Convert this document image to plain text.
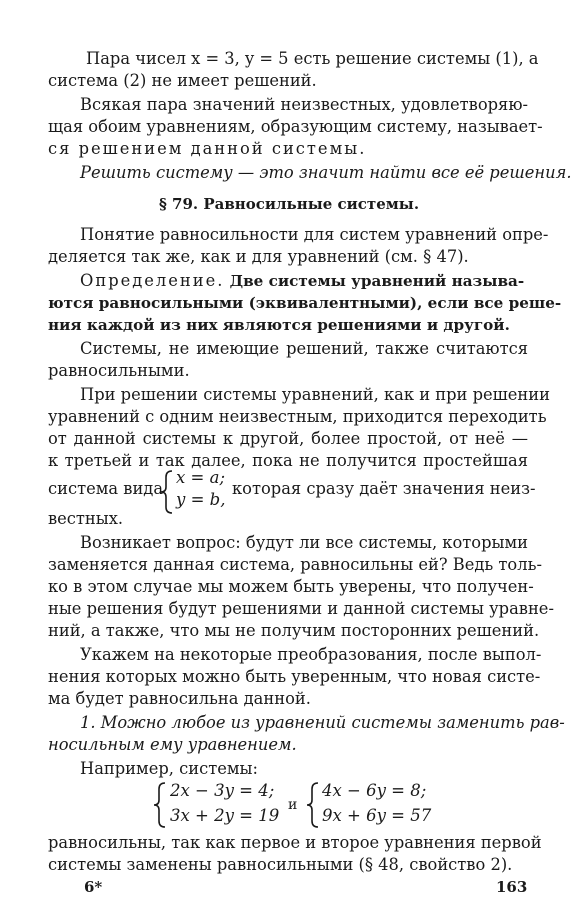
Пара чисел x = 3, y = 5 есть решение системы (1), а
система (2) не имеет решений.
Всякая пара значений неизвестных, удовлетворяю-
щая обоим уравнениям, образующим систему, называет-
ся решением данной системы.
Решить систему — это значит найти все её решения.
§ 79. Равносильные системы.
Понятие равносильности для систем уравнений опре-
деляется так же, как и для уравнений (см. § 47).
Определение. Две системы уравнений называ-
ются равносильными (эквивалентными), если все реше-
ния каждой из них являются решениями и другой.
Системы, не имеющие решений, также считаются
равносильными.
При решении системы уравнений, как и при решении
уравнений с одним неизвестным, приходится переходить
от данной системы к другой, более простой, от неё —
к третьей и так далее, пока не получится простейшая
система вида
x = a;
y = b,
которая сразу даёт значения неиз-
вестных.
Возникает вопрос: будут ли все системы, которыми
заменяется данная система, равносильны ей? Ведь толь-
ко в этом случае мы можем быть уверены, что получен-
ные решения будут решениями и данной системы уравне-
ний, а также, что мы не получим посторонних решений.
Укажем на некоторые преобразования, после выпол-
нения которых можно быть уверенным, что новая систе-
ма будет равносильна данной.
1. Можно любое из уравнений системы заменить рав-
носильным ему уравнением.
Например, системы:
2x − 3y = 4;
3x + 2y = 19
и
4x − 6y = 8;
9x + 6y = 57
равносильны, так как первое и второе уравнения первой
системы заменены равносильными (§ 48, свойство 2).
6*	163
